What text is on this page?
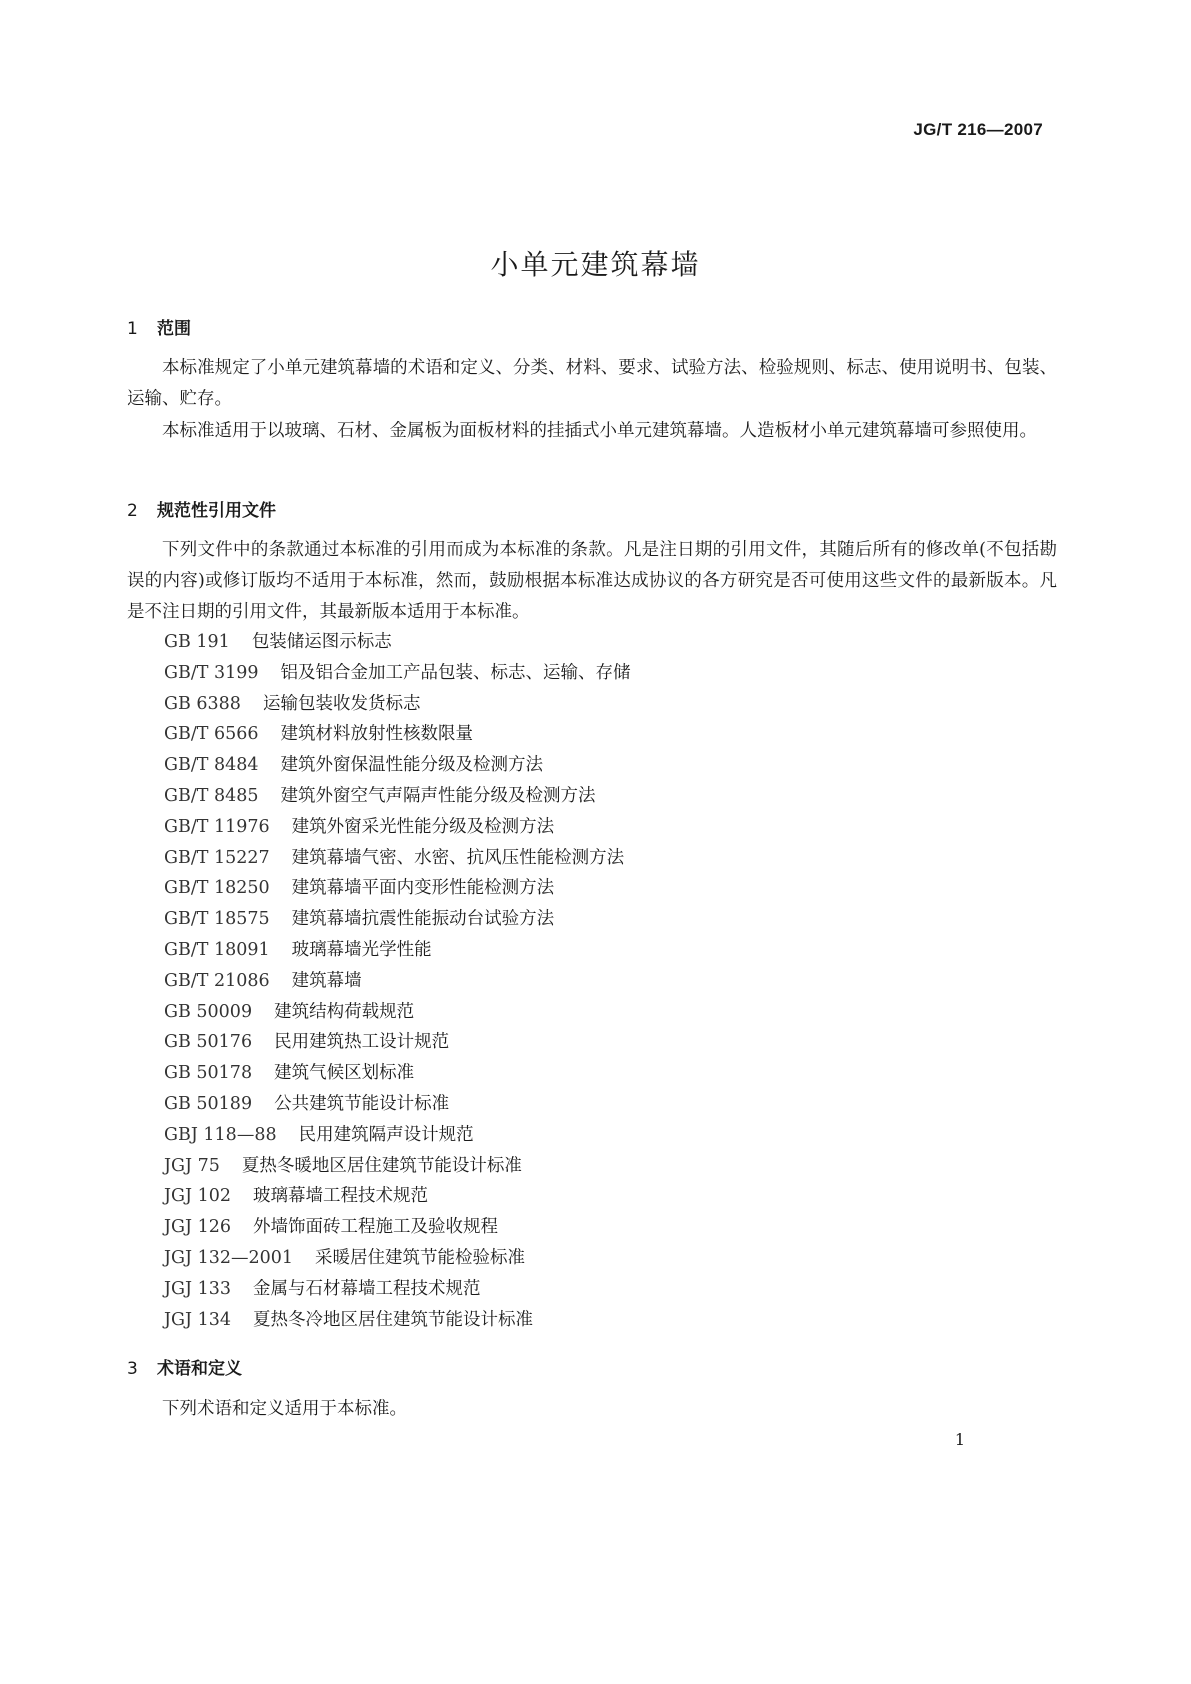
JG/T 216—2007
小单元建筑幕墙
1 范围

本标准规定了小单元建筑幕墙的术语和定义、分类、材料、要求、试验方法、检验规则、标志、使用说明书、包装、运输、贮存。

本标准适用于以玻璃、石材、金属板为面板材料的挂插式小单元建筑幕墙。人造板材小单元建筑幕墙可参照使用。

2 规范性引用文件

下列文件中的条款通过本标准的引用而成为本标准的条款。凡是注日期的引用文件，其随后所有的修改单(不包括勘误的内容)或修订版均不适用于本标准，然而，鼓励根据本标准达成协议的各方研究是否可使用这些文件的最新版本。凡是不注日期的引用文件，其最新版本适用于本标准。

GB 191 包装储运图示标志
GB/T 3199 铝及铝合金加工产品包装、标志、运输、存储
GB 6388 运输包装收发货标志
GB/T 6566 建筑材料放射性核数限量
GB/T 8484 建筑外窗保温性能分级及检测方法
GB/T 8485 建筑外窗空气声隔声性能分级及检测方法
GB/T 11976 建筑外窗采光性能分级及检测方法
GB/T 15227 建筑幕墙气密、水密、抗风压性能检测方法
GB/T 18250 建筑幕墙平面内变形性能检测方法
GB/T 18575 建筑幕墙抗震性能振动台试验方法
GB/T 18091 玻璃幕墙光学性能
GB/T 21086 建筑幕墙
GB 50009 建筑结构荷载规范
GB 50176 民用建筑热工设计规范
GB 50178 建筑气候区划标准
GB 50189 公共建筑节能设计标准
GBJ 118—88 民用建筑隔声设计规范
JGJ 75 夏热冬暖地区居住建筑节能设计标准
JGJ 102 玻璃幕墙工程技术规范
JGJ 126 外墙饰面砖工程施工及验收规程
JGJ 132—2001 采暖居住建筑节能检验标准
JGJ 133 金属与石材幕墙工程技术规范
JGJ 134 夏热冬冷地区居住建筑节能设计标准
3 术语和定义

下列术语和定义适用于本标准。

1
